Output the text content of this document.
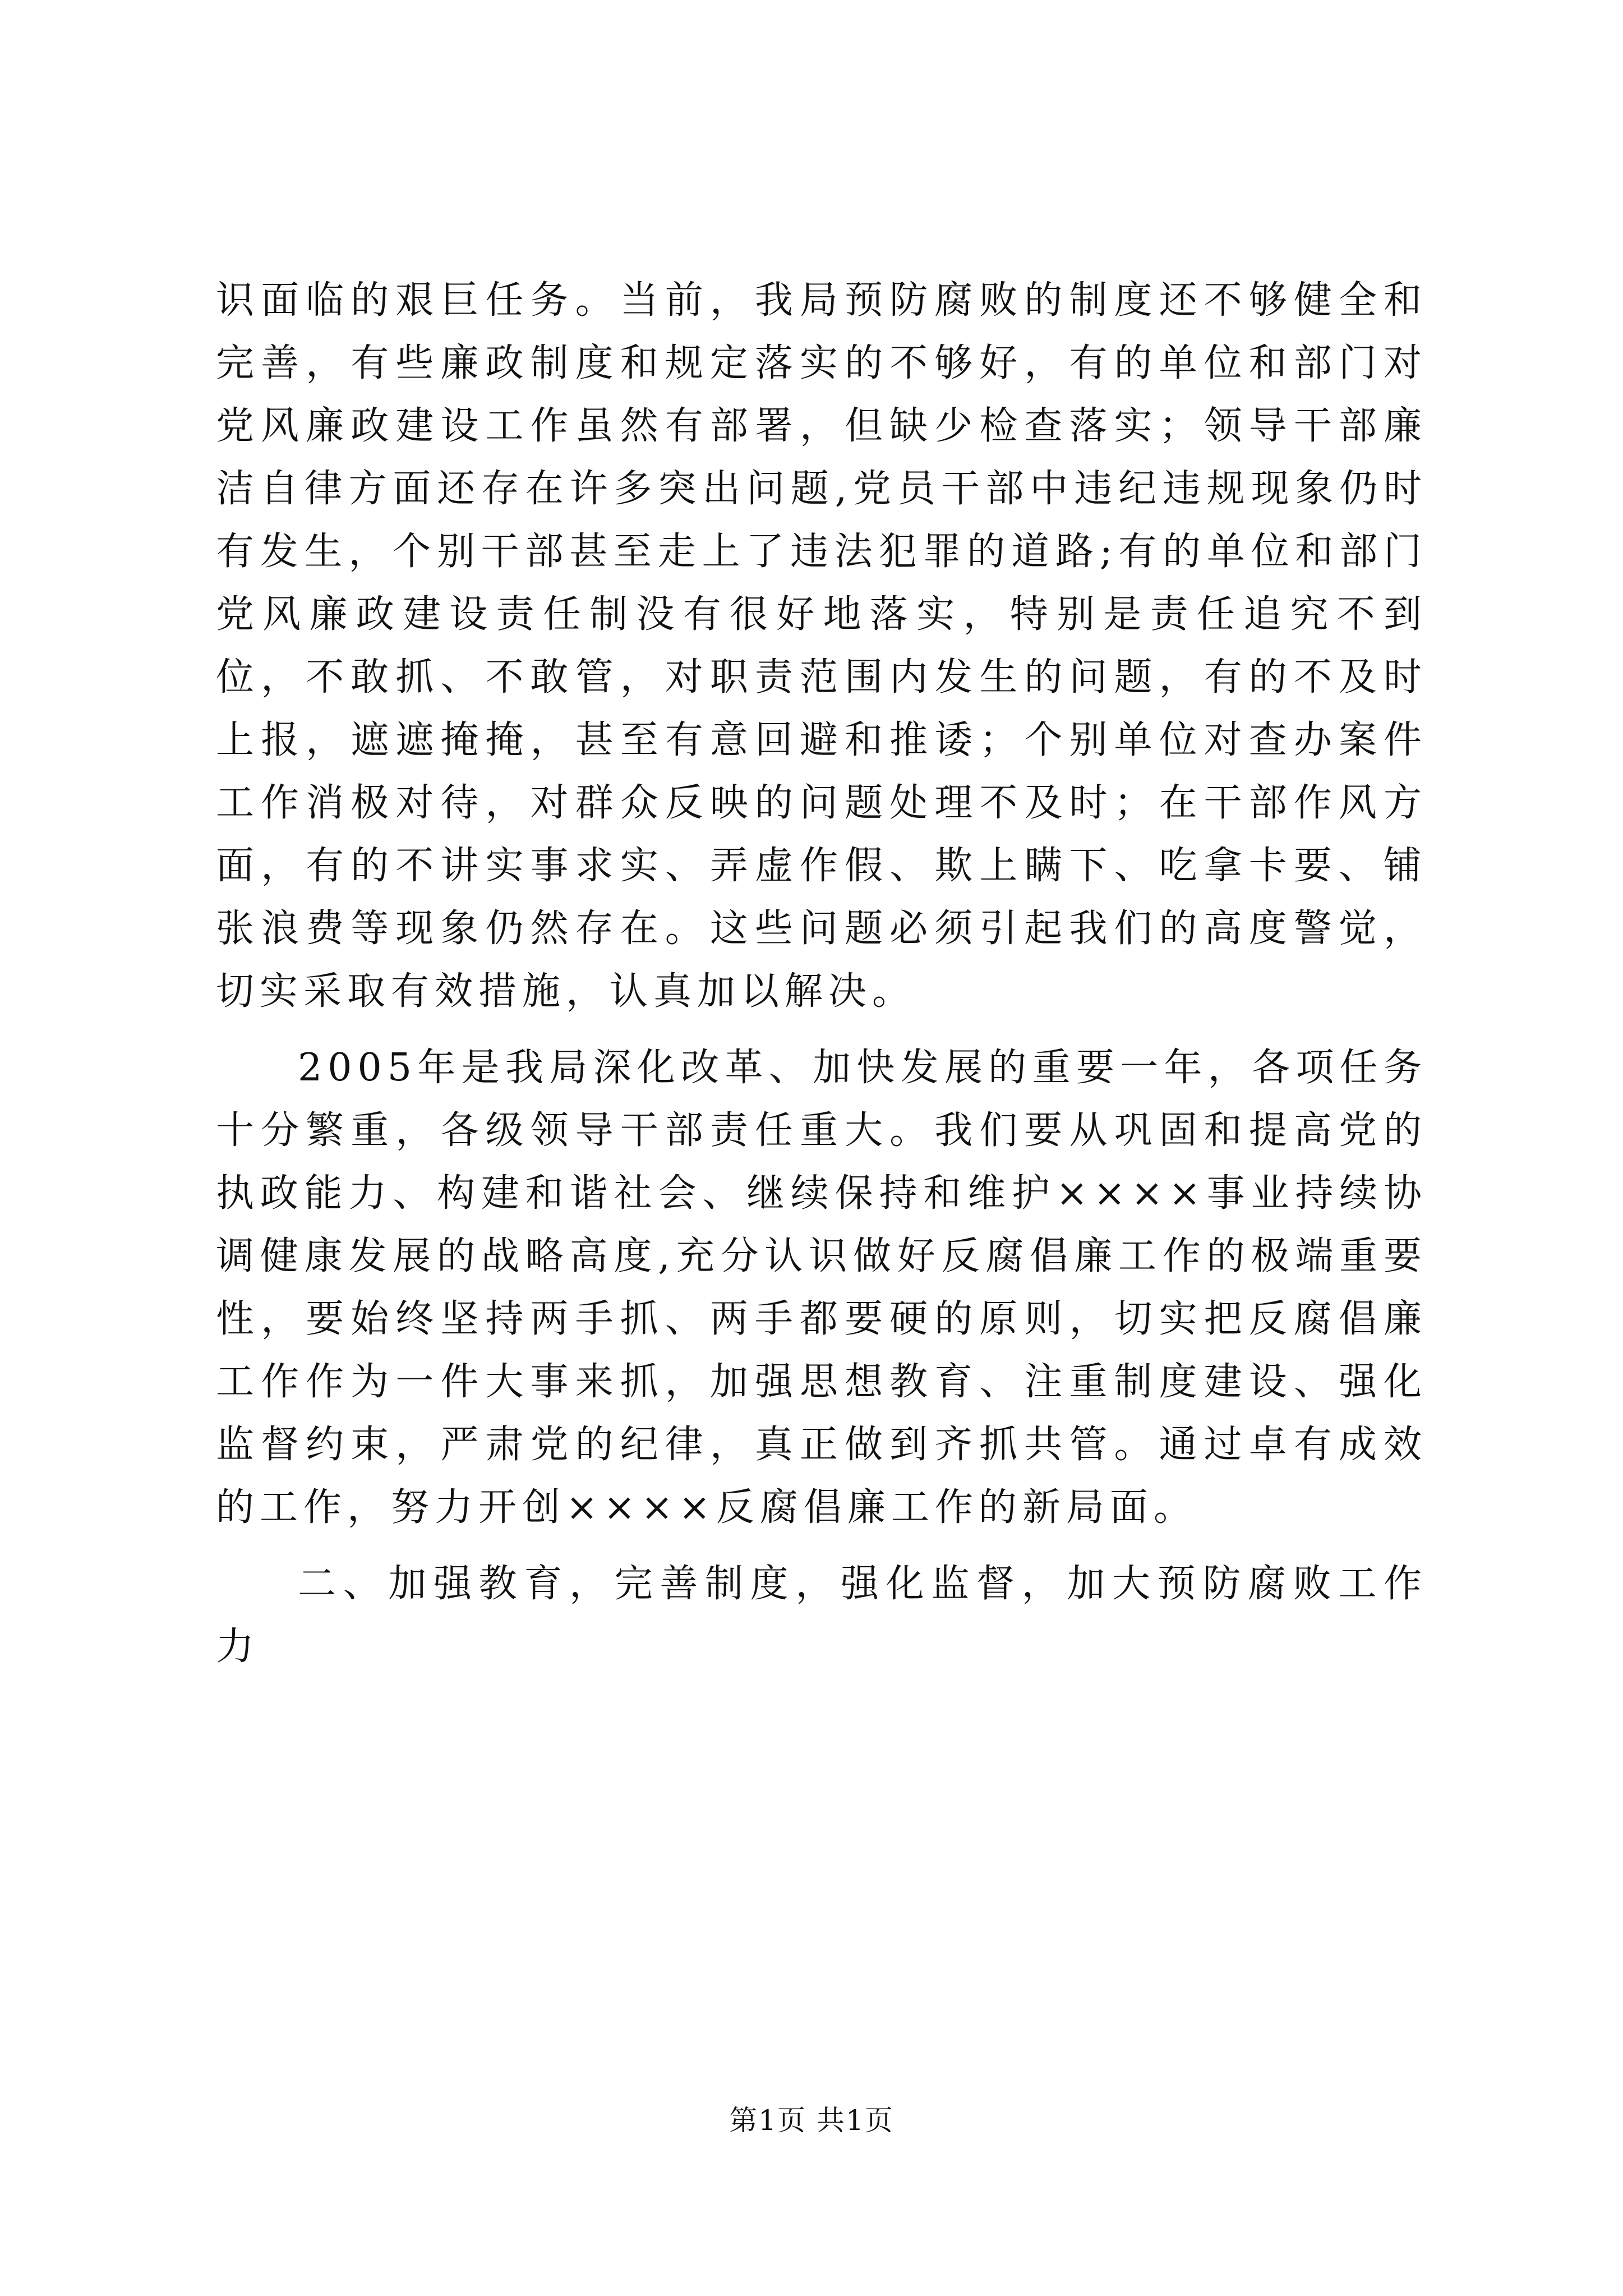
识面临的艰巨任务。当前，我局预防腐败的制度还不够健全和完善，有些廉政制度和规定落实的不够好，有的单位和部门对党风廉政建设工作虽然有部署，但缺少检查落实；领导干部廉洁自律方面还存在许多突出问题,党员干部中违纪违规现象仍时有发生，个别干部甚至走上了违法犯罪的道路;有的单位和部门党风廉政建设责任制没有很好地落实，特别是责任追究不到位，不敢抓、不敢管，对职责范围内发生的问题，有的不及时上报，遮遮掩掩，甚至有意回避和推诿；个别单位对查办案件工作消极对待，对群众反映的问题处理不及时；在干部作风方面，有的不讲实事求实、弄虚作假、欺上瞒下、吃拿卡要、铺张浪费等现象仍然存在。这些问题必须引起我们的高度警觉，切实采取有效措施，认真加以解决。

2005年是我局深化改革、加快发展的重要一年，各项任务十分繁重，各级领导干部责任重大。我们要从巩固和提高党的执政能力、构建和谐社会、继续保持和维护××××事业持续协调健康发展的战略高度,充分认识做好反腐倡廉工作的极端重要性，要始终坚持两手抓、两手都要硬的原则，切实把反腐倡廉工作作为一件大事来抓，加强思想教育、注重制度建设、强化监督约束，严肃党的纪律，真正做到齐抓共管。通过卓有成效的工作，努力开创××××反腐倡廉工作的新局面。

二、加强教育，完善制度，强化监督，加大预防腐败工作力

第1页 共1页
